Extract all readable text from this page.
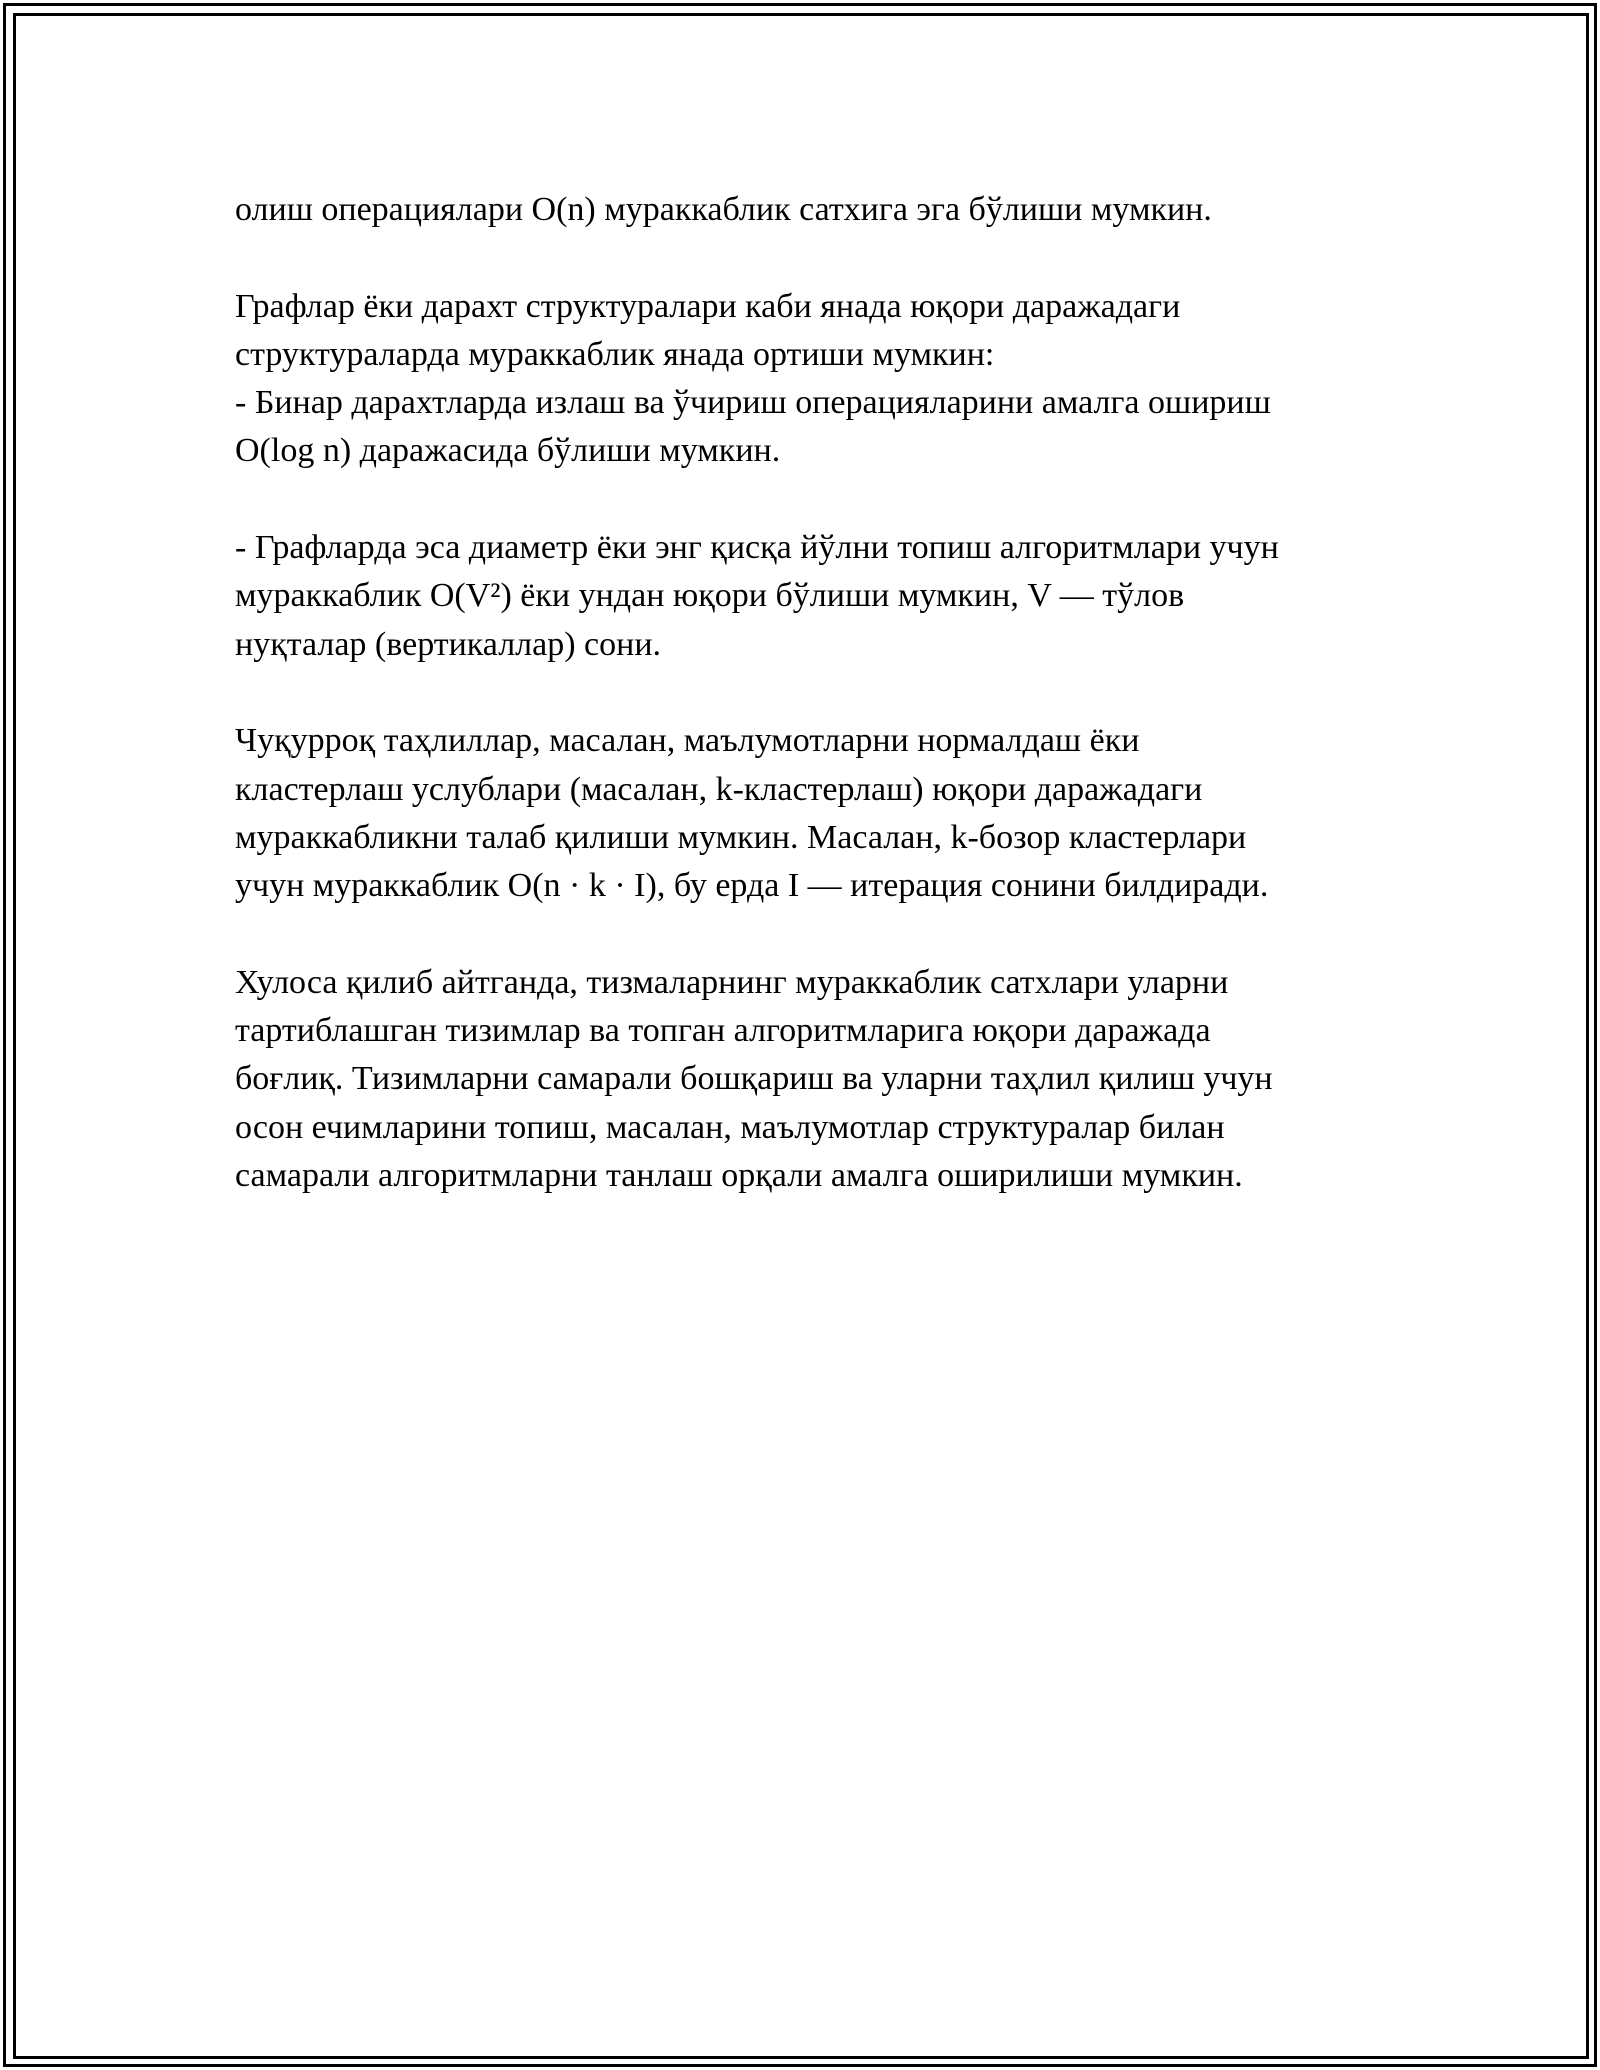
олиш операциялари O(n) мураккаблик сатхига эга бўлиши мумкин.

Графлар ёки дарахт структуралари каби янада юқори даражадаги

структураларда мураккаблик янада ортиши мумкин:

- Бинар дарахтларда излаш ва ўчириш операцияларини амалга ошириш

O(log n) даражасида бўлиши мумкин.

- Графларда эса диаметр ёки энг қисқа йўлни топиш алгоритмлари учун

мураккаблик O(V²) ёки ундан юқори бўлиши мумкин, V — тўлов

нуқталар (вертикаллар) сони.

Чуқурроқ таҳлиллар, масалан, маълумотларни нормалдаш ёки

кластерлаш услублари (масалан, k-кластерлаш) юқори даражадаги

мураккабликни талаб қилиши мумкин. Масалан, k-бозор кластерлари

учун мураккаблик O(n · k · I), бу ерда I — итерация сонини билдиради.

Хулоса қилиб айтганда, тизмаларнинг мураккаблик сатхлари уларни

тартиблашган тизимлар ва топган алгоритмларига юқори даражада

боғлиқ. Тизимларни самарали бошқариш ва уларни таҳлил қилиш учун

осон ечимларини топиш, масалан, маълумотлар структуралар билан

самарали алгоритмларни танлаш орқали амалга оширилиши мумкин.
